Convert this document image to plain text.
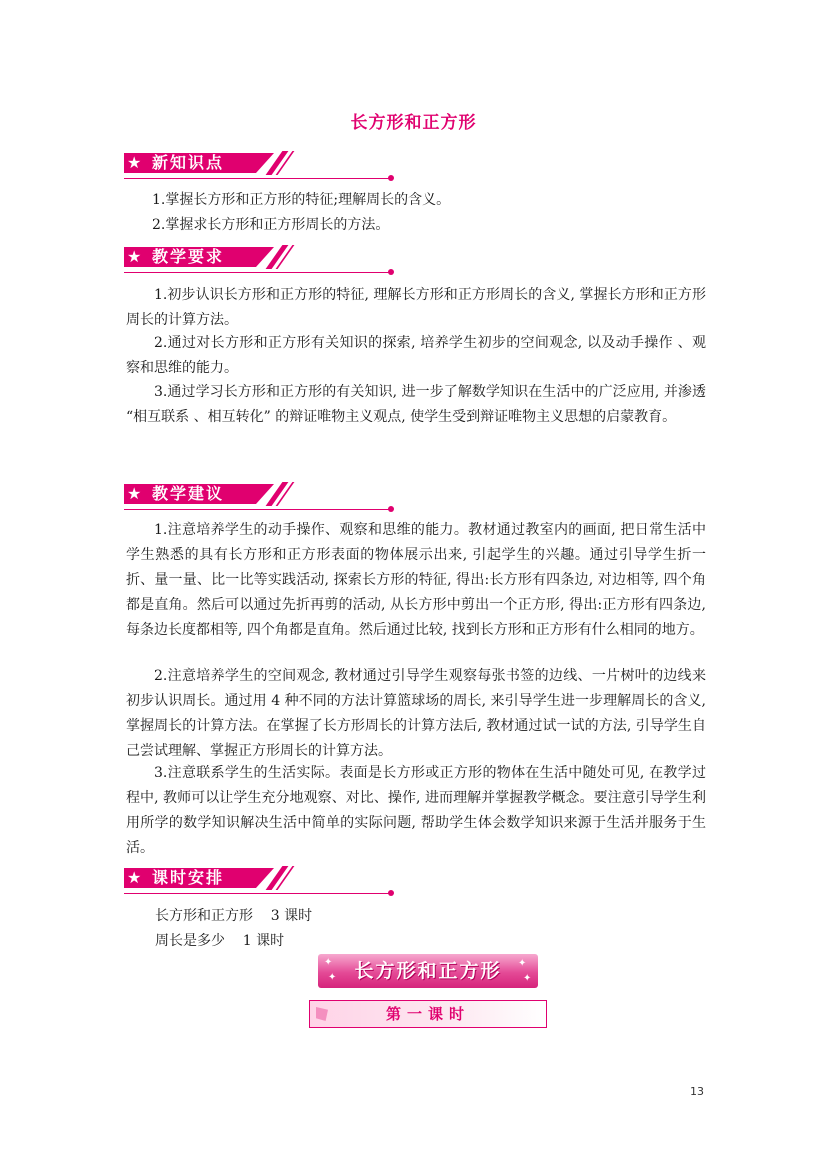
长方形和正方形
★ 新知识点

1.掌握长方形和正方形的特征;理解周长的含义。

2.掌握求长方形和正方形周长的方法。

★ 教学要求

1.初步认识长方形和正方形的特征, 理解长方形和正方形周长的含义, 掌握长方形和正方形周长的计算方法。

2.通过对长方形和正方形有关知识的探索, 培养学生初步的空间观念, 以及动手操作 、观察和思维的能力。

3.通过学习长方形和正方形的有关知识, 进一步了解数学知识在生活中的广泛应用, 并渗透 “相互联系 、相互转化” 的辩证唯物主义观点, 使学生受到辩证唯物主义思想的启蒙教育。

★ 教学建议

1.注意培养学生的动手操作、观察和思维的能力。教材通过教室内的画面, 把日常生活中学生熟悉的具有长方形和正方形表面的物体展示出来, 引起学生的兴趣。通过引导学生折一折、量一量、比一比等实践活动, 探索长方形的特征, 得出:长方形有四条边, 对边相等, 四个角都是直角。然后可以通过先折再剪的活动, 从长方形中剪出一个正方形, 得出:正方形有四条边, 每条边长度都相等, 四个角都是直角。然后通过比较, 找到长方形和正方形有什么相同的地方。

2.注意培养学生的空间观念, 教材通过引导学生观察每张书签的边线、一片树叶的边线来初步认识周长。通过用 4 种不同的方法计算篮球场的周长, 来引导学生进一步理解周长的含义, 掌握周长的计算方法。在掌握了长方形周长的计算方法后, 教材通过试一试的方法, 引导学生自己尝试理解、掌握正方形周长的计算方法。

3.注意联系学生的生活实际。表面是长方形或正方形的物体在生活中随处可见, 在教学过程中, 教师可以让学生充分地观察、对比、操作, 进而理解并掌握教学概念。要注意引导学生利用所学的数学知识解决生活中简单的实际问题, 帮助学生体会数学知识来源于生活并服务于生活。

★ 课时安排

长方形和正方形    3 课时

周长是多少    1 课时

✦
✦
✦
✦
长方形和正方形
第一课时
13
